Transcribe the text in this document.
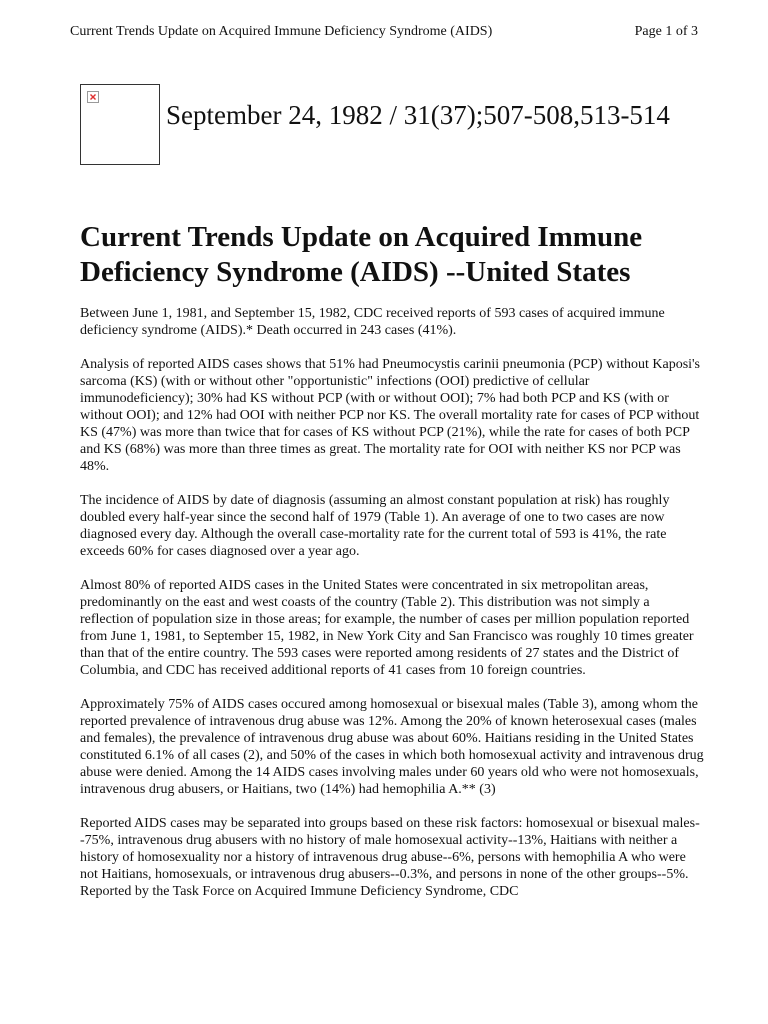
Current Trends Update on Acquired Immune Deficiency Syndrome (AIDS)	Page 1 of 3
September 24, 1982 / 31(37);507-508,513-514
Current Trends Update on Acquired Immune Deficiency Syndrome (AIDS) --United States

Between June 1, 1981, and September 15, 1982, CDC received reports of 593 cases of acquired immune deficiency syndrome (AIDS).* Death occurred in 243 cases (41%).

Analysis of reported AIDS cases shows that 51% had Pneumocystis carinii pneumonia (PCP) without Kaposi's sarcoma (KS) (with or without other "opportunistic" infections (OOI) predictive of cellular immunodeficiency); 30% had KS without PCP (with or without OOI); 7% had both PCP and KS (with or without OOI); and 12% had OOI with neither PCP nor KS. The overall mortality rate for cases of PCP without KS (47%) was more than twice that for cases of KS without PCP (21%), while the rate for cases of both PCP and KS (68%) was more than three times as great. The mortality rate for OOI with neither KS nor PCP was 48%.

The incidence of AIDS by date of diagnosis (assuming an almost constant population at risk) has roughly doubled every half-year since the second half of 1979 (Table 1). An average of one to two cases are now diagnosed every day. Although the overall case-mortality rate for the current total of 593 is 41%, the rate exceeds 60% for cases diagnosed over a year ago.

Almost 80% of reported AIDS cases in the United States were concentrated in six metropolitan areas, predominantly on the east and west coasts of the country (Table 2). This distribution was not simply a reflection of population size in those areas; for example, the number of cases per million population reported from June 1, 1981, to September 15, 1982, in New York City and San Francisco was roughly 10 times greater than that of the entire country. The 593 cases were reported among residents of 27 states and the District of Columbia, and CDC has received additional reports of 41 cases from 10 foreign countries.

Approximately 75% of AIDS cases occured among homosexual or bisexual males (Table 3), among whom the reported prevalence of intravenous drug abuse was 12%. Among the 20% of known heterosexual cases (males and females), the prevalence of intravenous drug abuse was about 60%. Haitians residing in the United States constituted 6.1% of all cases (2), and 50% of the cases in which both homosexual activity and intravenous drug abuse were denied. Among the 14 AIDS cases involving males under 60 years old who were not homosexuals, intravenous drug abusers, or Haitians, two (14%) had hemophilia A.** (3)

Reported AIDS cases may be separated into groups based on these risk factors: homosexual or bisexual males--75%, intravenous drug abusers with no history of male homosexual activity--13%, Haitians with neither a history of homosexuality nor a history of intravenous drug abuse--6%, persons with hemophilia A who were not Haitians, homosexuals, or intravenous drug abusers--0.3%, and persons in none of the other groups--5%. Reported by the Task Force on Acquired Immune Deficiency Syndrome, CDC
